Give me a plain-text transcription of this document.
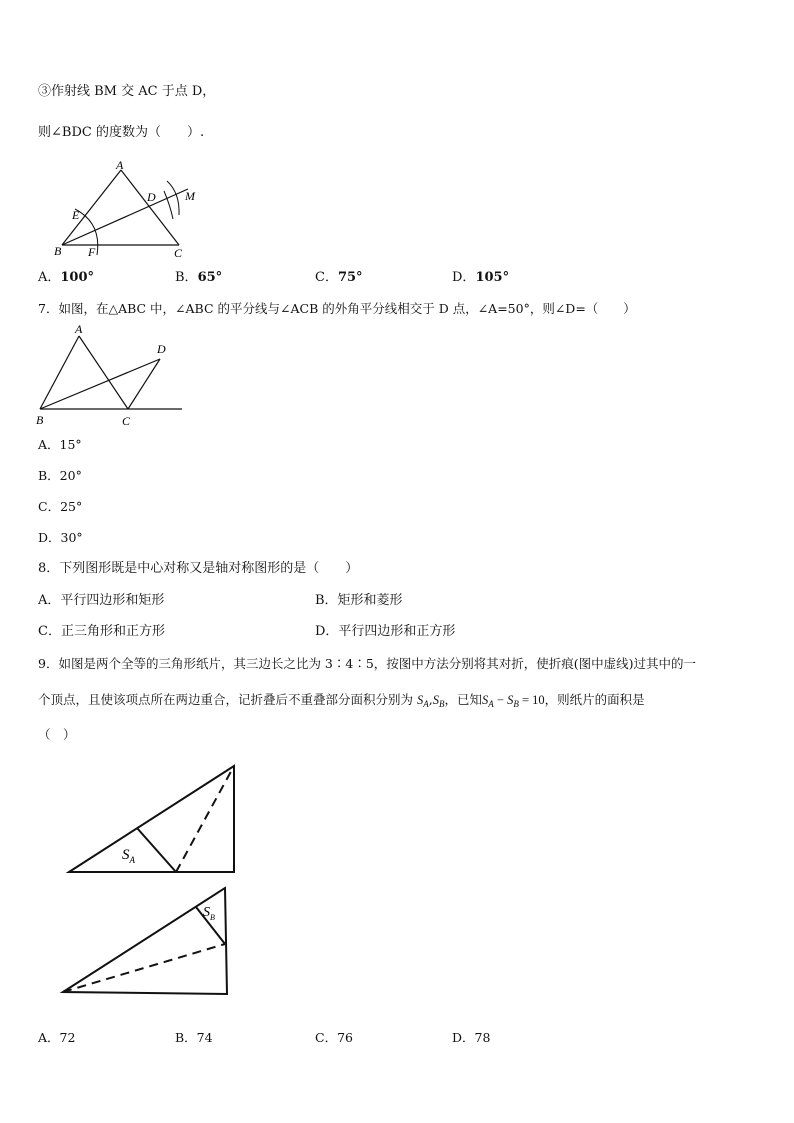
③作射线 BM 交 AC 于点 D，
则∠BDC 的度数为（　　）.
A
D M
E
B F	C
A．100°	B．65°	C．75°	D．105°
7．如图，在△ABC 中，∠ABC 的平分线与∠ACB 的外角平分线相交于 D 点，∠A=50°，则∠D=（　　）
A
D
B	C
A．15°
B．20°
C．25°
D．30°
8．下列图形既是中心对称又是轴对称图形的是（　　）
A．平行四边形和矩形	B．矩形和菱形
C．正三角形和正方形	D．平行四边形和正方形
9．如图是两个全等的三角形纸片，其三边长之比为 3∶4∶5，按图中方法分别将其对折，使折痕(图中虚线)过其中的一
个顶点，且使该项点所在两边重合，记折叠后不重叠部分面积分别为 $S_A,S_B$，已知$S_A - S_B = 10$，则纸片的面积是
（　）
$S_A$
$S_B$
A．72	B．74	C．76	D．78
